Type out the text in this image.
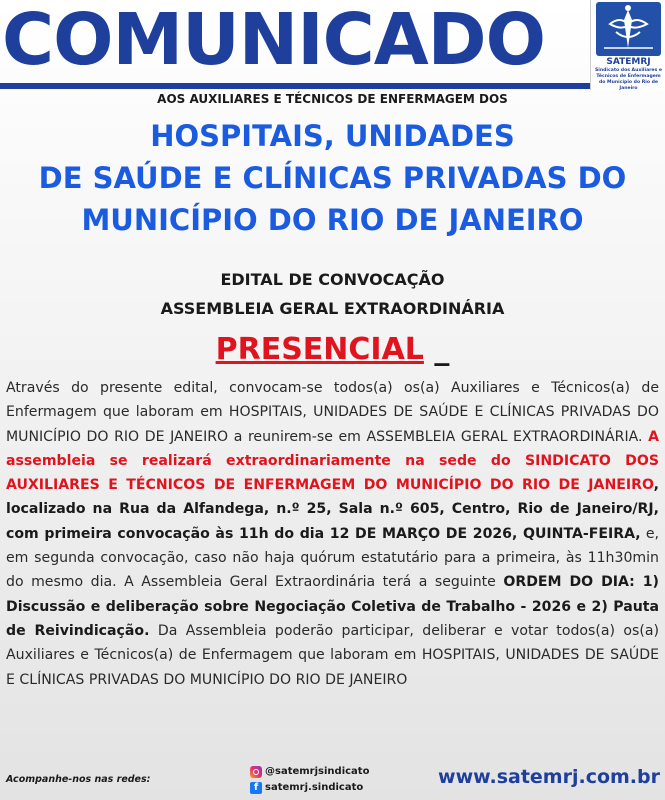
COMUNICADO	SATEMRJ
Sindicato dos Auxiliares e Técnicos de Enfermagem do Município do Rio de Janeiro
AOS AUXILIARES E TÉCNICOS DE ENFERMAGEM DOS
HOSPITAIS, UNIDADES
DE SAÚDE E CLÍNICAS PRIVADAS DO
MUNICÍPIO DO RIO DE JANEIRO
EDITAL DE CONVOCAÇÃO
ASSEMBLEIA GERAL EXTRAORDINÁRIA
PRESENCIAL _
Através do presente edital, convocam-se todos(a) os(a) Auxiliares e Técnicos(a) de Enfermagem que laboram em HOSPITAIS, UNIDADES DE SAÚDE E CLÍNICAS PRIVADAS DO MUNICÍPIO DO RIO DE JANEIRO a reunirem-se em ASSEMBLEIA GERAL EXTRAORDINÁRIA. A assembleia se realizará extraordinariamente na sede do SINDICATO DOS AUXILIARES E TÉCNICOS DE ENFERMAGEM DO MUNICÍPIO DO RIO DE JANEIRO, localizado na Rua da Alfandega, n.º 25, Sala n.º 605, Centro, Rio de Janeiro/RJ, com primeira convocação às 11h do dia 12 DE MARÇO DE 2026, QUINTA-FEIRA, e, em segunda convocação, caso não haja quórum estatutário para a primeira, às 11h30min do mesmo dia. A Assembleia Geral Extraordinária terá a seguinte ORDEM DO DIA: 1) Discussão e deliberação sobre Negociação Coletiva de Trabalho - 2026 e 2) Pauta de Reivindicação. Da Assembleia poderão participar, deliberar e votar todos(a) os(a) Auxiliares e Técnicos(a) de Enfermagem que laboram em HOSPITAIS, UNIDADES DE SAÚDE E CLÍNICAS PRIVADAS DO MUNICÍPIO DO RIO DE JANEIRO
Acompanhe-nos nas redes:
@satemrjsindicato
f satemrj.sindicato	www.satemrj.com.br
